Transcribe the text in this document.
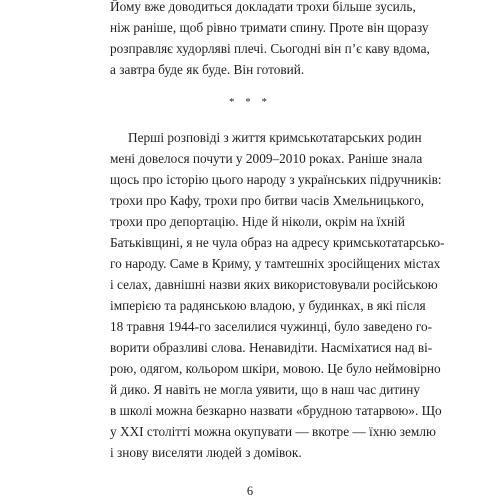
Йому вже доводиться докладати трохи більше зусиль,
ніж раніше, щоб рівно тримати спину. Проте він щоразу
розправляє худорляві плечі. Сьогодні він п’є каву вдома,
а завтра буде як буде. Він готовий.
* * *
Перші розповіді з життя кримськотатарських родин
мені довелося почути у 2009–2010 роках. Раніше знала
щось про історію цього народу з українських підручників:
трохи про Кафу, трохи про битви часів Хмельницького,
трохи про депортацію. Ніде й ніколи, окрім на їхній
Батьківщині, я не чула образ на адресу кримськотатарсько-
го народу. Саме в Криму, у тамтешніх зросійщених містах
і селах, давнішні назви яких використовували російською
імперією та радянською владою, у будинках, в які після
18 травня 1944-го заселилися чужинці, було заведено го-
ворити образливі слова. Ненавидіти. Насміхатися над ві-
рою, одягом, кольором шкіри, мовою. Це було неймовірно
й дико. Я навіть не могла уявити, що в наш час дитину
в школі можна безкарно назвати «брудною татарвою». Що
у XXI столітті можна окупувати — вкотре — їхню землю
і знову виселяти людей з домівок.
6
